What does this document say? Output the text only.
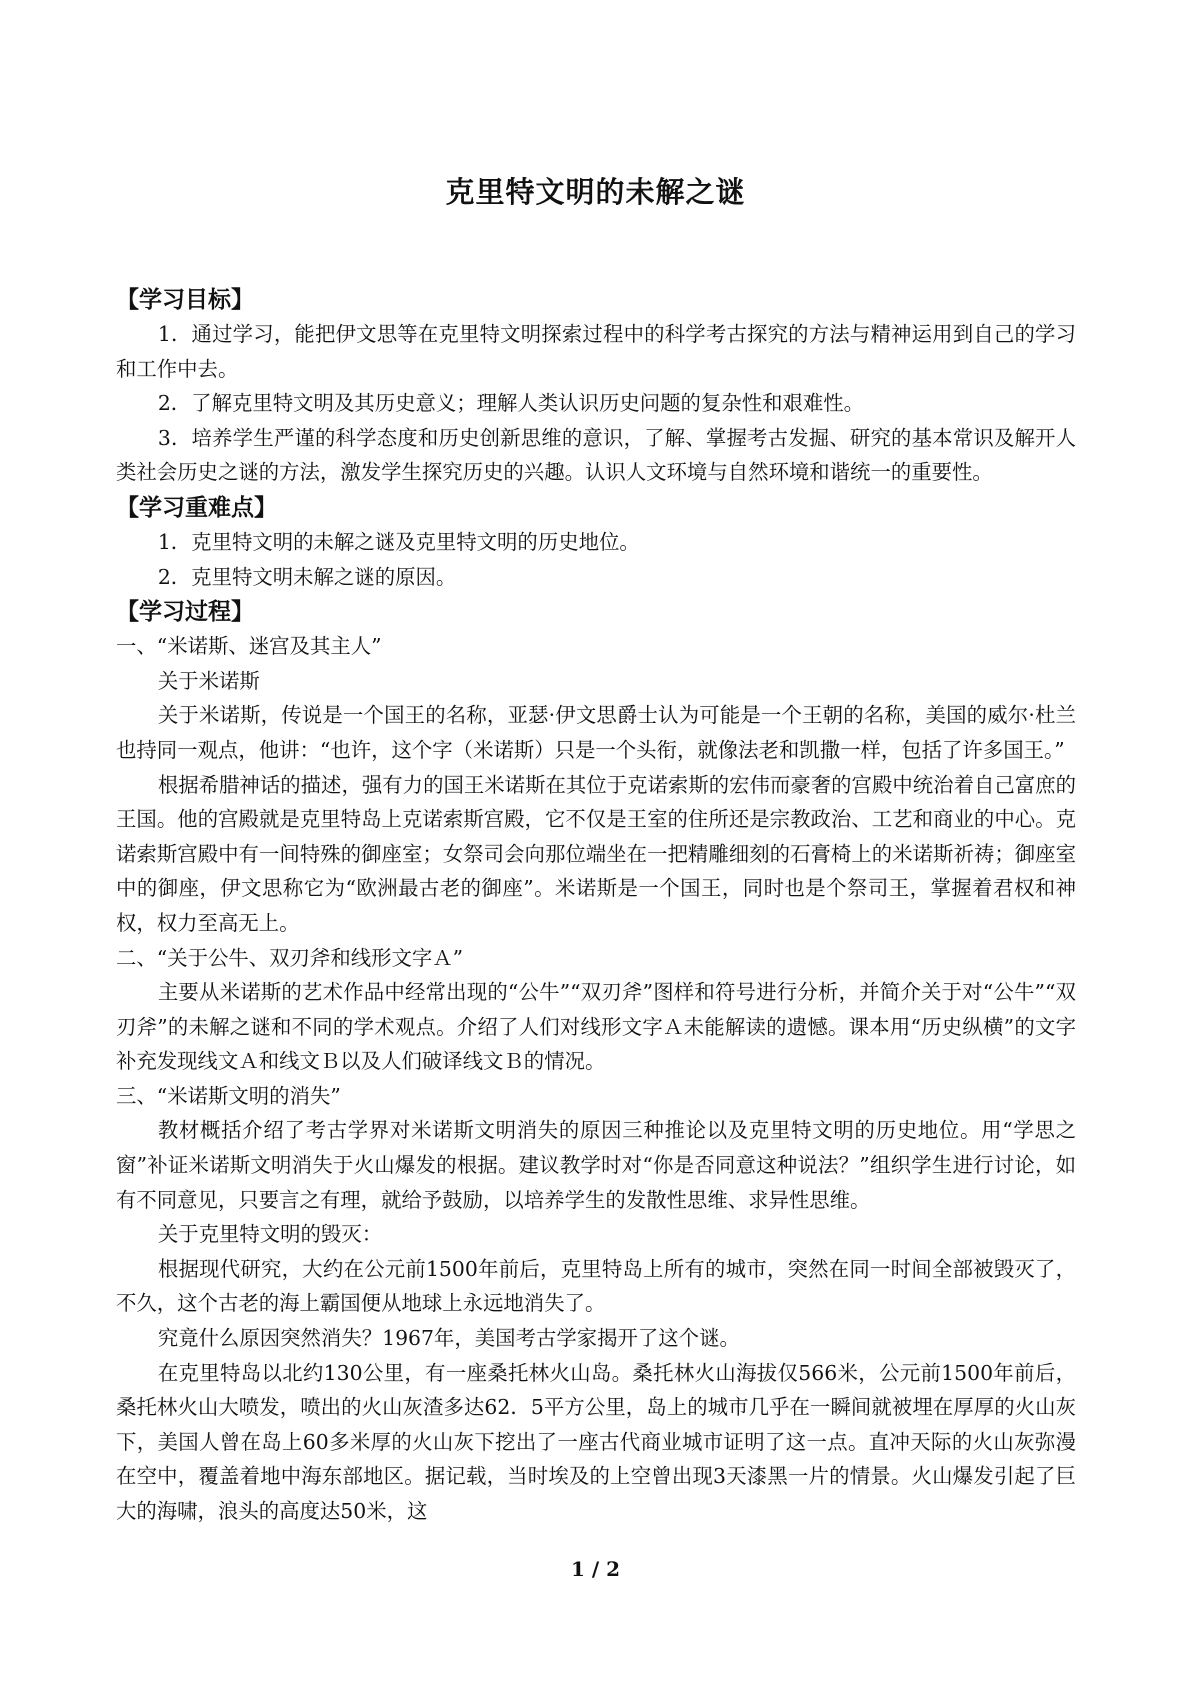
克里特文明的未解之谜
【学习目标】

1．通过学习，能把伊文思等在克里特文明探索过程中的科学考古探究的方法与精神运用到自己的学习和工作中去。

2．了解克里特文明及其历史意义；理解人类认识历史问题的复杂性和艰难性。

3．培养学生严谨的科学态度和历史创新思维的意识，了解、掌握考古发掘、研究的基本常识及解开人类社会历史之谜的方法，激发学生探究历史的兴趣。认识人文环境与自然环境和谐统一的重要性。

【学习重难点】

1．克里特文明的未解之谜及克里特文明的历史地位。

2．克里特文明未解之谜的原因。

【学习过程】

一、“米诺斯、迷宫及其主人”

关于米诺斯

关于米诺斯，传说是一个国王的名称，亚瑟·伊文思爵士认为可能是一个王朝的名称，美国的威尔·杜兰也持同一观点，他讲：“也许，这个字（米诺斯）只是一个头衔，就像法老和凯撒一样，包括了许多国王。”

根据希腊神话的描述，强有力的国王米诺斯在其位于克诺索斯的宏伟而豪奢的宫殿中统治着自己富庶的王国。他的宫殿就是克里特岛上克诺索斯宫殿，它不仅是王室的住所还是宗教政治、工艺和商业的中心。克诺索斯宫殿中有一间特殊的御座室；女祭司会向那位端坐在一把精雕细刻的石膏椅上的米诺斯祈祷；御座室中的御座，伊文思称它为“欧洲最古老的御座”。米诺斯是一个国王，同时也是个祭司王，掌握着君权和神权，权力至高无上。

二、“关于公牛、双刃斧和线形文字Ａ”

主要从米诺斯的艺术作品中经常出现的“公牛”“双刃斧”图样和符号进行分析，并简介关于对“公牛”“双刃斧”的未解之谜和不同的学术观点。介绍了人们对线形文字Ａ未能解读的遗憾。课本用“历史纵横”的文字补充发现线文Ａ和线文Ｂ以及人们破译线文Ｂ的情况。

三、“米诺斯文明的消失”

教材概括介绍了考古学界对米诺斯文明消失的原因三种推论以及克里特文明的历史地位。用“学思之窗”补证米诺斯文明消失于火山爆发的根据。建议教学时对“你是否同意这种说法？”组织学生进行讨论，如有不同意见，只要言之有理，就给予鼓励，以培养学生的发散性思维、求异性思维。

关于克里特文明的毁灭：

根据现代研究，大约在公元前1500年前后，克里特岛上所有的城市，突然在同一时间全部被毁灭了，不久，这个古老的海上霸国便从地球上永远地消失了。

究竟什么原因突然消失？1967年，美国考古学家揭开了这个谜。

在克里特岛以北约130公里，有一座桑托林火山岛。桑托林火山海拔仅566米，公元前1500年前后，桑托林火山大喷发，喷出的火山灰渣多达62．5平方公里，岛上的城市几乎在一瞬间就被埋在厚厚的火山灰下，美国人曾在岛上60多米厚的火山灰下挖出了一座古代商业城市证明了这一点。直冲天际的火山灰弥漫在空中，覆盖着地中海东部地区。据记载，当时埃及的上空曾出现3天漆黑一片的情景。火山爆发引起了巨大的海啸，浪头的高度达50米，这

1 / 2
